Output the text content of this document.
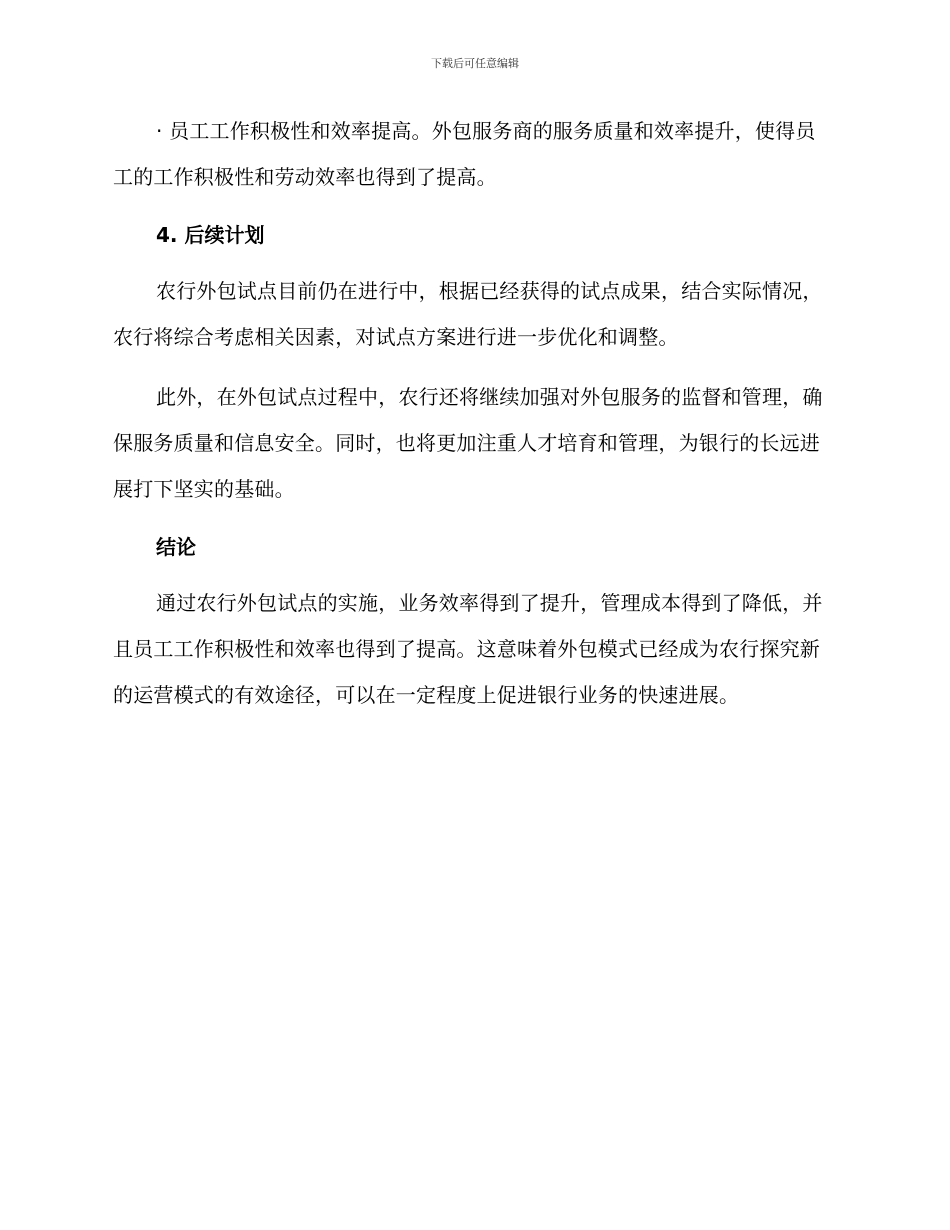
下载后可任意编辑

· 员工工作积极性和效率提高。外包服务商的服务质量和效率提升，使得员工的工作积极性和劳动效率也得到了提高。

4. 后续计划

农行外包试点目前仍在进行中，根据已经获得的试点成果，结合实际情况，农行将综合考虑相关因素，对试点方案进行进一步优化和调整。

此外，在外包试点过程中，农行还将继续加强对外包服务的监督和管理，确保服务质量和信息安全。同时，也将更加注重人才培育和管理，为银行的长远进展打下坚实的基础。

结论

通过农行外包试点的实施，业务效率得到了提升，管理成本得到了降低，并且员工工作积极性和效率也得到了提高。这意味着外包模式已经成为农行探究新的运营模式的有效途径，可以在一定程度上促进银行业务的快速进展。
